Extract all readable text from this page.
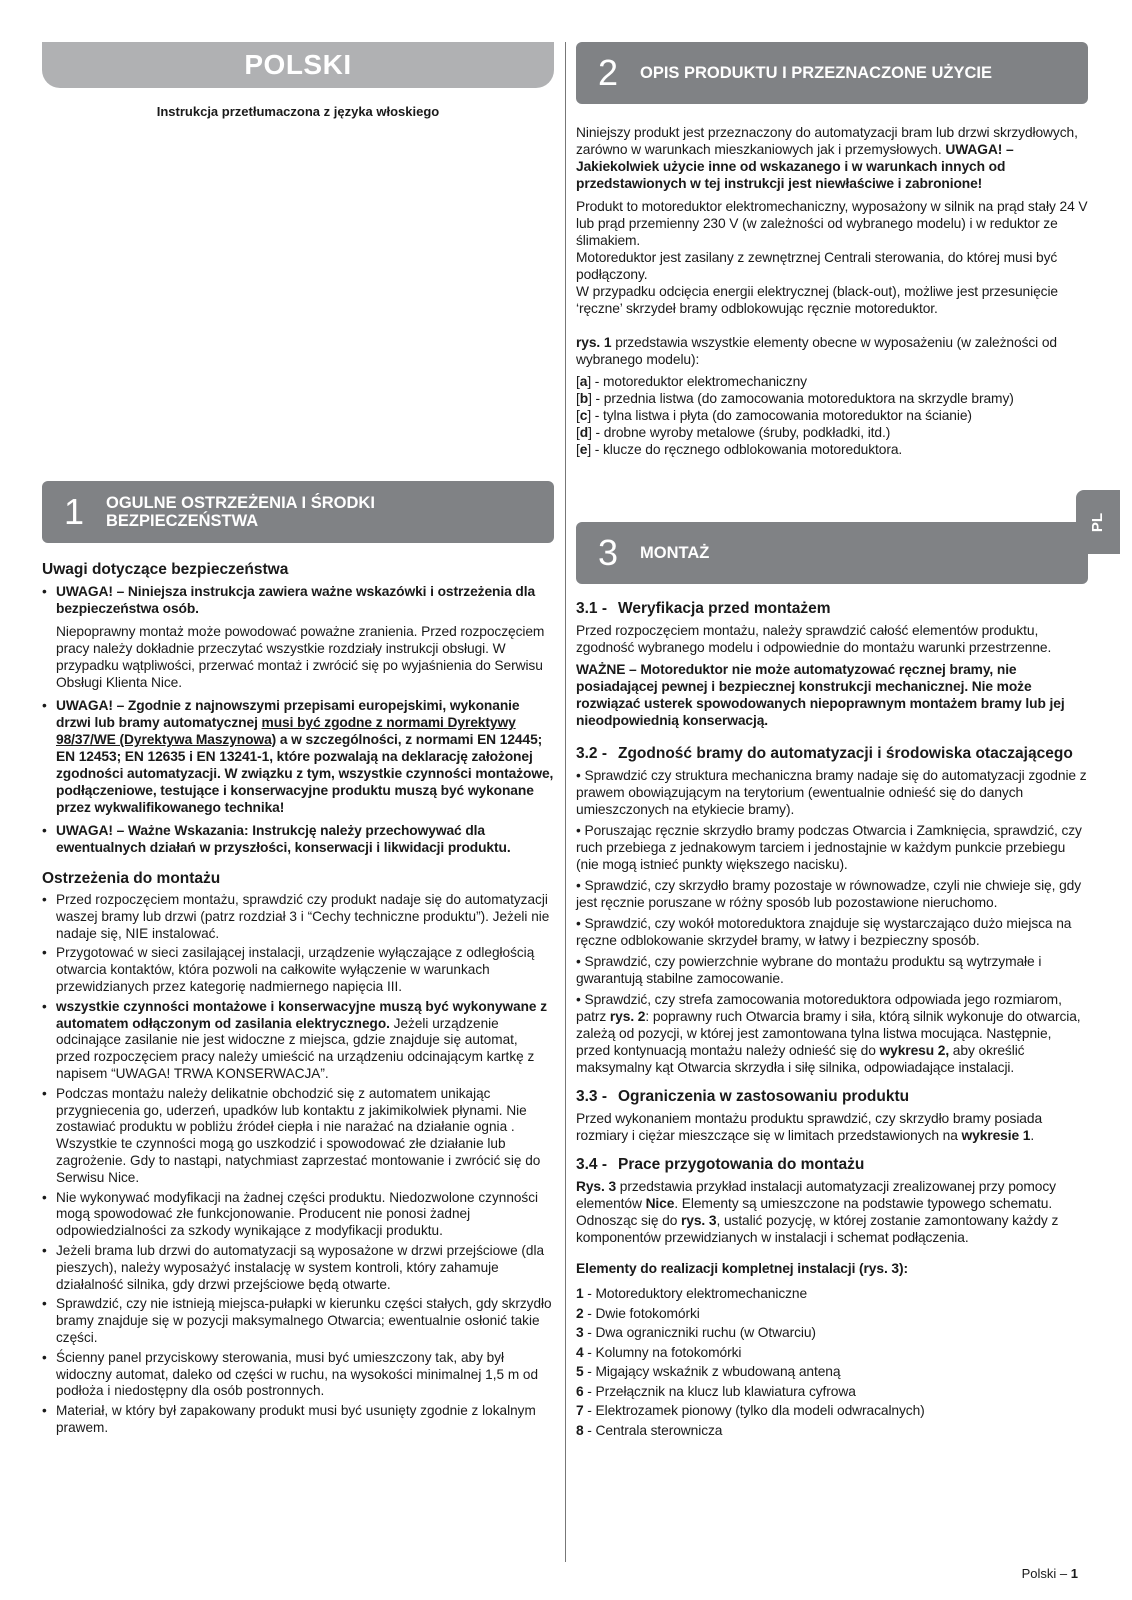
POLSKI

Instrukcja przetłumaczona z języka włoskiego

1	OGULNE OSTRZEŻENIA I ŚRODKI
BEZPIECZEŃSTWA
Uwagi dotyczące bezpieczeństwa
• UWAGA! – Niniejsza instrukcja zawiera ważne wskazówki i ostrzeżenia dla bezpieczeństwa osób.

Niepoprawny montaż może powodować poważne zranienia. Przed rozpoczęciem pracy należy dokładnie przeczytać wszystkie rozdziały instrukcji obsługi. W przypadku wątpliwości, przerwać montaż i zwrócić się po wyjaśnienia do Serwisu Obsługi Klienta Nice.

• UWAGA! – Zgodnie z najnowszymi przepisami europejskimi, wykonanie drzwi lub bramy automatycznej musi być zgodne z normami Dyrektywy 98/37/WE (Dyrektywa Maszynowa) a w szczególności, z normami EN 12445; EN 12453; EN 12635 i EN 13241-1, które pozwalają na deklarację założonej zgodności automatyzacji. W związku z tym, wszystkie czynności montażowe, podłączeniowe, testujące i konserwacyjne produktu muszą być wykonane przez wykwalifikowanego technika!
• UWAGA! – Ważne Wskazania: Instrukcję należy przechowywać dla ewentualnych działań w przyszłości, konserwacji i likwidacji produktu.
Ostrzeżenia do montażu
• Przed rozpoczęciem montażu, sprawdzić czy produkt nadaje się do automatyzacji waszej bramy lub drzwi (patrz rozdział 3 i “Cechy techniczne produktu”). Jeżeli nie nadaje się, NIE instalować.
• Przygotować w sieci zasilającej instalacji, urządzenie wyłączające z odległością otwarcia kontaktów, która pozwoli na całkowite wyłączenie w warunkach przewidzianych przez kategorię nadmiernego napięcia III.
• wszystkie czynności montażowe i konserwacyjne muszą być wykonywane z automatem odłączonym od zasilania elektrycznego. Jeżeli urządzenie odcinające zasilanie nie jest widoczne z miejsca, gdzie znajduje się automat, przed rozpoczęciem pracy należy umieścić na urządzeniu odcinającym kartkę z napisem “UWAGA! TRWA KONSERWACJA”.
• Podczas montażu należy delikatnie obchodzić się z automatem unikając przygniecenia go, uderzeń, upadków lub kontaktu z jakimikolwiek płynami. Nie zostawiać produktu w pobliżu źródeł ciepła i nie narażać na działanie ognia . Wszystkie te czynności mogą go uszkodzić i spowodować złe działanie lub zagrożenie. Gdy to nastąpi, natychmiast zaprzestać montowanie i zwrócić się do Serwisu Nice.
• Nie wykonywać modyfikacji na żadnej części produktu. Niedozwolone czynności mogą spowodować złe funkcjonowanie. Producent nie ponosi żadnej odpowiedzialności za szkody wynikające z modyfikacji produktu.
• Jeżeli brama lub drzwi do automatyzacji są wyposażone w drzwi przejściowe (dla pieszych), należy wyposażyć instalację w system kontroli, który zahamuje działalność silnika, gdy drzwi przejściowe będą otwarte.
• Sprawdzić, czy nie istnieją miejsca-pułapki w kierunku części stałych, gdy skrzydło bramy znajduje się w pozycji maksymalnego Otwarcia; ewentualnie osłonić takie części.
• Ścienny panel przyciskowy sterowania, musi być umieszczony tak, aby był widoczny automat, daleko od części w ruchu, na wysokości minimalnej 1,5 m od podłoża i niedostępny dla osób postronnych.
• Materiał, w który był zapakowany produkt musi być usunięty zgodnie z lokalnym prawem.
2	OPIS PRODUKTU I PRZEZNACZONE UŻYCIE

Niniejszy produkt jest przeznaczony do automatyzacji bram lub drzwi skrzydłowych, zarówno w warunkach mieszkaniowych jak i przemysłowych. UWAGA! – Jakiekolwiek użycie inne od wskazanego i w warunkach innych od przedstawionych w tej instrukcji jest niewłaściwe i zabronione!

Produkt to motoreduktor elektromechaniczny, wyposażony w silnik na prąd stały 24 V lub prąd przemienny 230 V (w zależności od wybranego modelu) i w reduktor ze ślimakiem.

Motoreduktor jest zasilany z zewnętrznej Centrali sterowania, do której musi być podłączony.

W przypadku odcięcia energii elektrycznej (black-out), możliwe jest przesunięcie ‘ręczne’ skrzydeł bramy odblokowując ręcznie motoreduktor.

rys. 1 przedstawia wszystkie elementy obecne w wyposażeniu (w zależności od wybranego modelu):

[a] - motoreduktor elektromechaniczny
[b] - przednia listwa (do zamocowania motoreduktora na skrzydle bramy)
[c] - tylna listwa i płyta (do zamocowania motoreduktor na ścianie)
[d] - drobne wyroby metalowe (śruby, podkładki, itd.)
[e] - klucze do ręcznego odblokowania motoreduktora.
3	MONTAŻ
3.1 - Weryfikacja przed montażem

Przed rozpoczęciem montażu, należy sprawdzić całość elementów produktu, zgodność wybranego modelu i odpowiednie do montażu warunki przestrzenne.

WAŻNE – Motoreduktor nie może automatyzować ręcznej bramy, nie posiadającej pewnej i bezpiecznej konstrukcji mechanicznej. Nie może rozwiązać usterek spowodowanych niepoprawnym montażem bramy lub jej nieodpowiednią konserwacją.

3.2 - Zgodność bramy do automatyzacji i środowiska otaczającego

• Sprawdzić czy struktura mechaniczna bramy nadaje się do automatyzacji zgodnie z prawem obowiązującym na terytorium (ewentualnie odnieść się do danych umieszczonych na etykiecie bramy).

• Poruszając ręcznie skrzydło bramy podczas Otwarcia i Zamknięcia, sprawdzić, czy ruch przebiega z jednakowym tarciem i jednostajnie w każdym punkcie przebiegu (nie mogą istnieć punkty większego nacisku).

• Sprawdzić, czy skrzydło bramy pozostaje w równowadze, czyli nie chwieje się, gdy jest ręcznie poruszane w różny sposób lub pozostawione nieruchomo.

• Sprawdzić, czy wokół motoreduktora znajduje się wystarczająco dużo miejsca na ręczne odblokowanie skrzydeł bramy, w łatwy i bezpieczny sposób.

• Sprawdzić, czy powierzchnie wybrane do montażu produktu są wytrzymałe i gwarantują stabilne zamocowanie.

• Sprawdzić, czy strefa zamocowania motoreduktora odpowiada jego rozmiarom, patrz rys. 2: poprawny ruch Otwarcia bramy i siła, którą silnik wykonuje do otwarcia, zależą od pozycji, w której jest zamontowana tylna listwa mocująca. Następnie, przed kontynuacją montażu należy odnieść się do wykresu 2, aby określić maksymalny kąt Otwarcia skrzydła i siłę silnika, odpowiadające instalacji.

3.3 - Ograniczenia w zastosowaniu produktu

Przed wykonaniem montażu produktu sprawdzić, czy skrzydło bramy posiada rozmiary i ciężar mieszczące się w limitach przedstawionych na wykresie 1.

3.4 - Prace przygotowania do montażu

Rys. 3 przedstawia przykład instalacji automatyzacji zrealizowanej przy pomocy elementów Nice. Elementy są umieszczone na podstawie typowego schematu.

Odnosząc się do rys. 3, ustalić pozycję, w której zostanie zamontowany każdy z komponentów przewidzianych w instalacji i schemat podłączenia.

Elementy do realizacji kompletnej instalacji (rys. 3):

1 - Motoreduktory elektromechaniczne
2 - Dwie fotokomórki
3 - Dwa ograniczniki ruchu (w Otwarciu)
4 - Kolumny na fotokomórki
5 - Migający wskaźnik z wbudowaną anteną
6 - Przełącznik na klucz lub klawiatura cyfrowa
7 - Elektrozamek pionowy (tylko dla modeli odwracalnych)
8 - Centrala sterownicza
PL
Polski – 1
